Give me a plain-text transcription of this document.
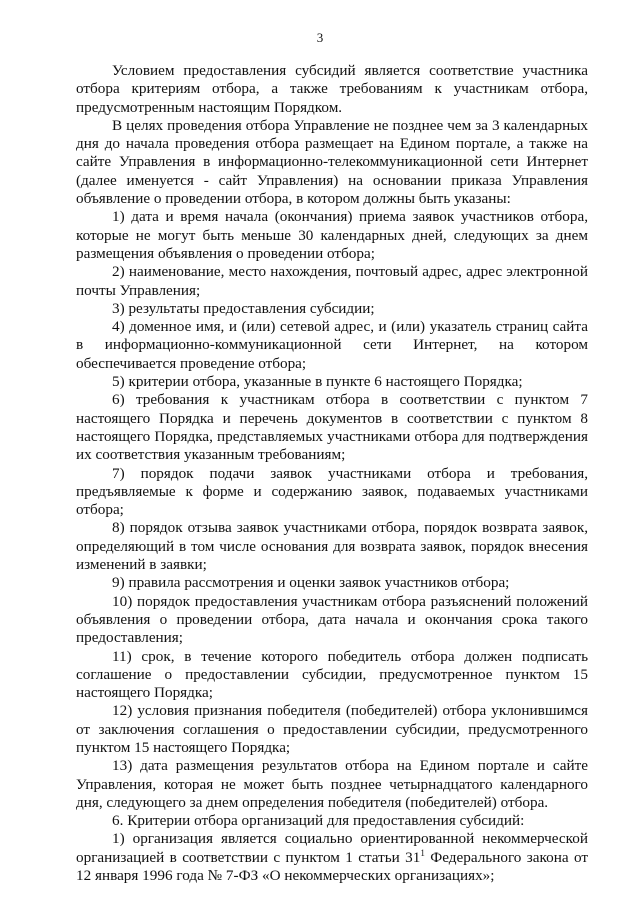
3

Условием предоставления субсидий является соответствие участника отбора критериям отбора, а также требованиям к участникам отбора, предусмотренным настоящим Порядком.

В целях проведения отбора Управление не позднее чем за 3 календарных дня до начала проведения отбора размещает на Едином портале, а также на сайте Управления в информационно-телекоммуникационной сети Интернет (далее именуется - сайт Управления) на основании приказа Управления объявление о проведении отбора, в котором должны быть указаны:

1) дата и время начала (окончания) приема заявок участников отбора, которые не могут быть меньше 30 календарных дней, следующих за днем размещения объявления о проведении отбора;

2) наименование, место нахождения, почтовый адрес, адрес электронной почты Управления;

3) результаты предоставления субсидии;

4) доменное имя, и (или) сетевой адрес, и (или) указатель страниц сайта в информационно-коммуникационной сети Интернет, на котором обеспечивается проведение отбора;

5) критерии отбора, указанные в пункте 6 настоящего Порядка;

6) требования к участникам отбора в соответствии с пунктом 7 настоящего Порядка и перечень документов в соответствии с пунктом 8 настоящего Порядка, представляемых участниками отбора для подтверждения их соответствия указанным требованиям;

7) порядок подачи заявок участниками отбора и требования, предъявляемые к форме и содержанию заявок, подаваемых участниками отбора;

8) порядок отзыва заявок участниками отбора, порядок возврата заявок, определяющий в том числе основания для возврата заявок, порядок внесения изменений в заявки;

9) правила рассмотрения и оценки заявок участников отбора;

10) порядок предоставления участникам отбора разъяснений положений объявления о проведении отбора, дата начала и окончания срока такого предоставления;

11) срок, в течение которого победитель отбора должен подписать соглашение о предоставлении субсидии, предусмотренное пунктом 15 настоящего Порядка;

12) условия признания победителя (победителей) отбора уклонившимся от заключения соглашения о предоставлении субсидии, предусмотренного пунктом 15 настоящего Порядка;

13) дата размещения результатов отбора на Едином портале и сайте Управления, которая не может быть позднее четырнадцатого календарного дня, следующего за днем определения победителя (победителей) отбора.

6. Критерии отбора организаций для предоставления субсидий:

1) организация является социально ориентированной некоммерческой организацией в соответствии с пунктом 1 статьи $31^1$ Федерального закона от 12 января 1996 года № 7-ФЗ «О некоммерческих организациях»;
